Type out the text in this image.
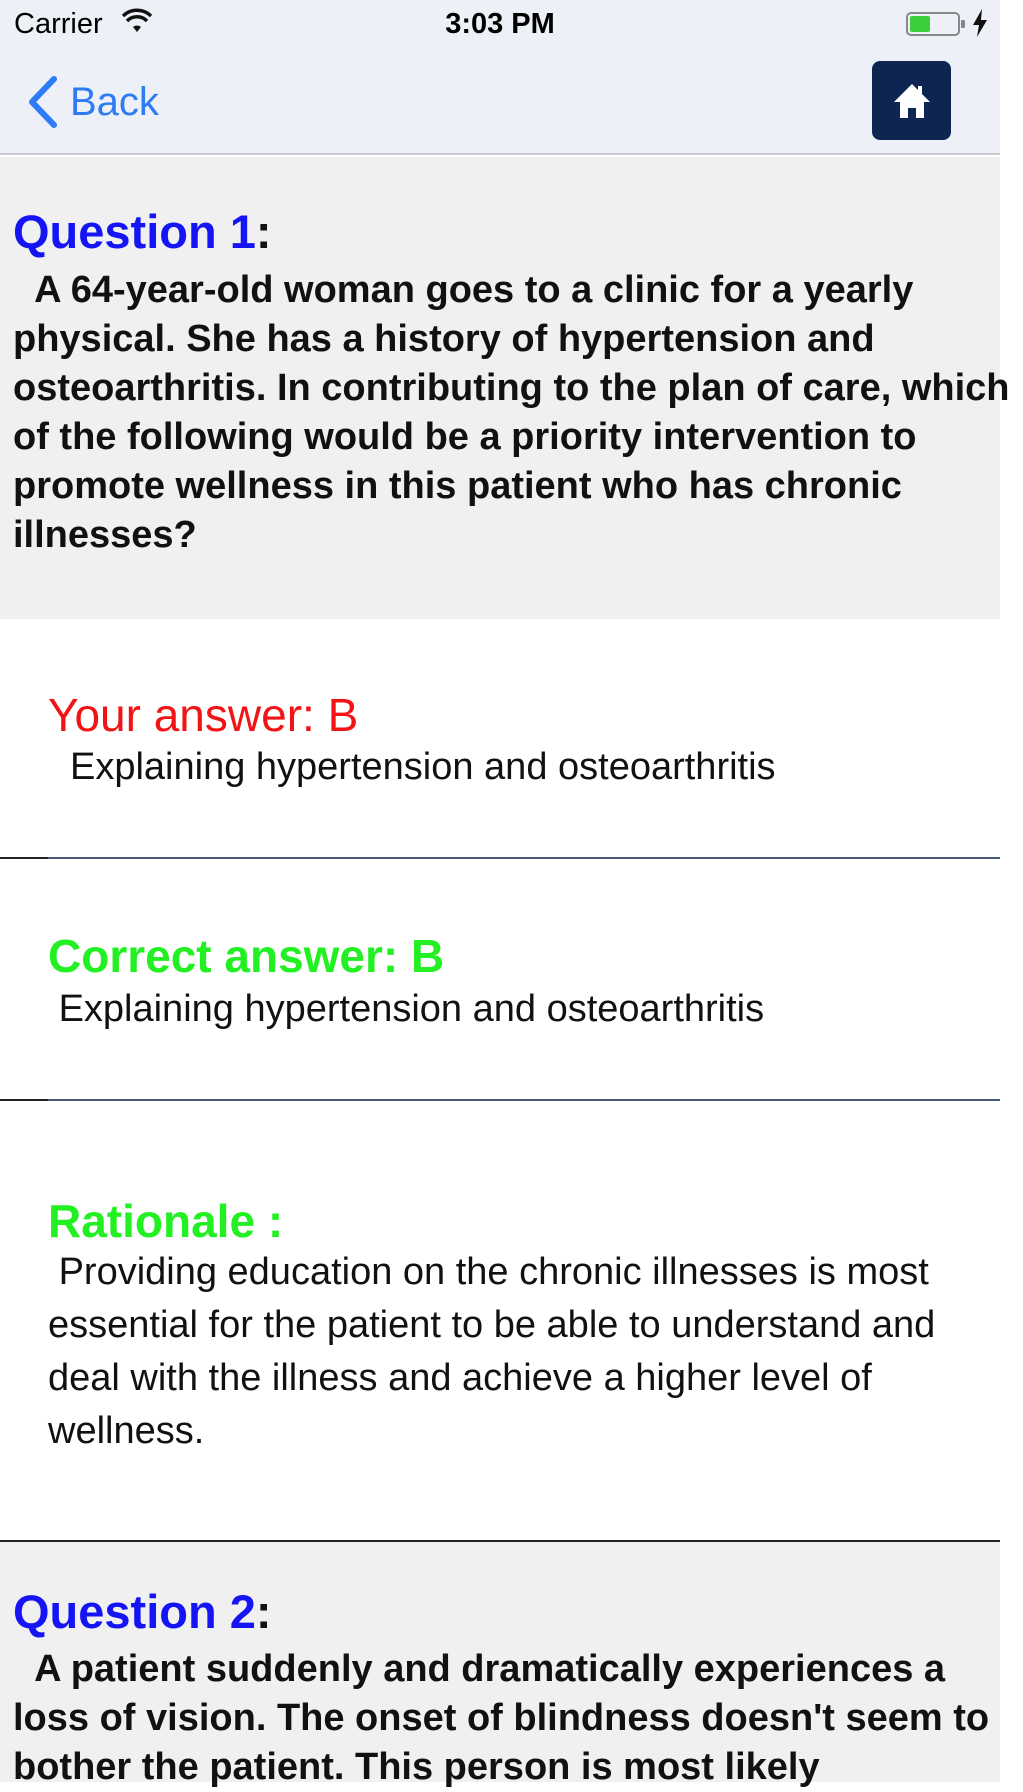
Carrier	3:03 PM
Back
Question 1:
A 64-year-old woman goes to a clinic for a yearly physical. She has a history of hypertension and osteoarthritis. In contributing to the plan of care, which of the following would be a priority intervention to promote wellness in this patient who has chronic illnesses?
Your answer: B
Explaining hypertension and osteoarthritis
Correct answer: B
Explaining hypertension and osteoarthritis
Rationale :
Providing education on the chronic illnesses is most essential for the patient to be able to understand and deal with the illness and achieve a higher level of wellness.
Question 2:
A patient suddenly and dramatically experiences a loss of vision. The onset of blindness doesn't seem to bother the patient. This person is most likely
